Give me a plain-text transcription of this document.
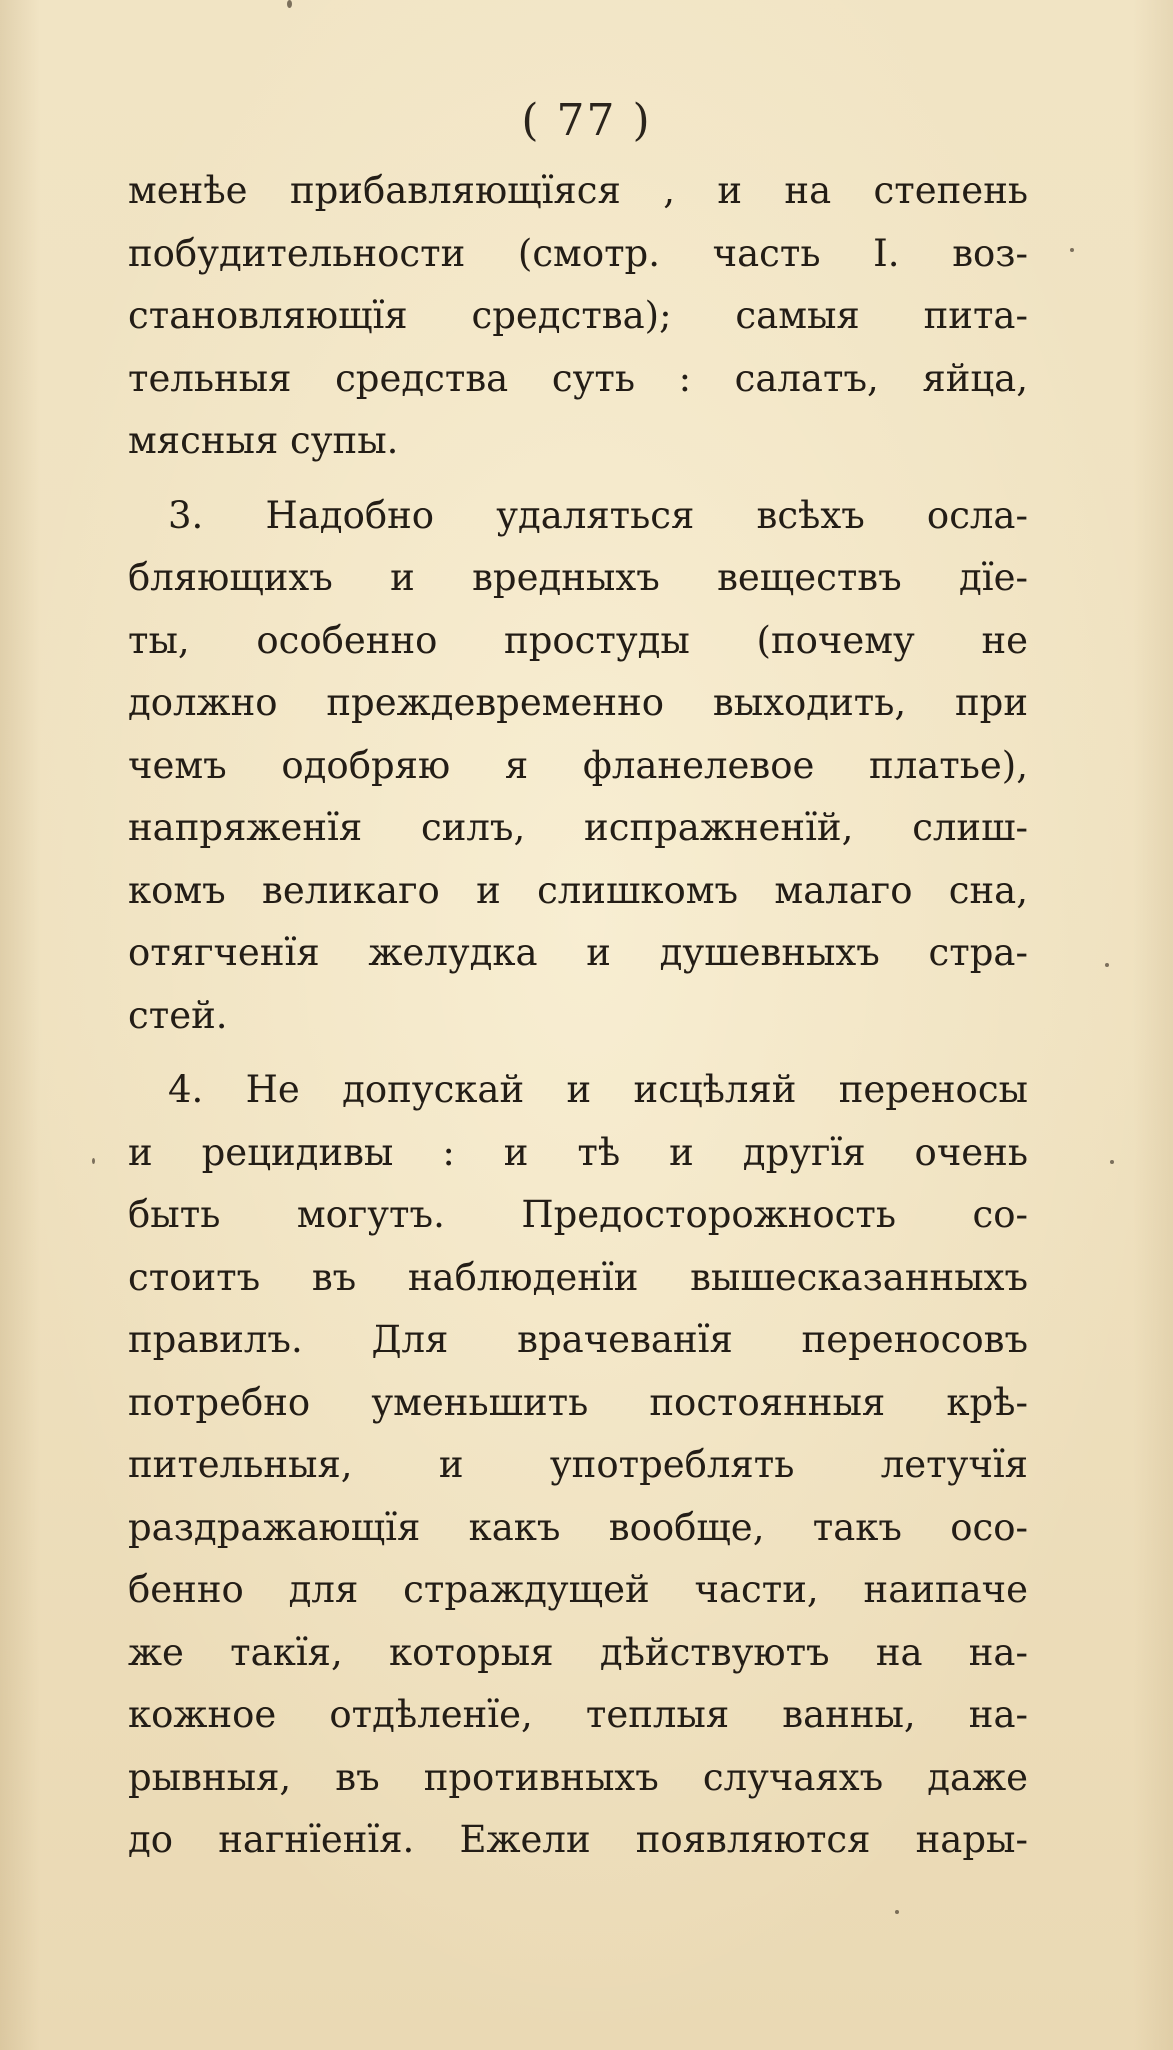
( 77 )
менѣе прибавляющїяся , и на степень
побудительности (смотр. часть I. воз-
становляющїя средства); самыя пита-
тельныя средства суть : салатъ, яйца,
мясныя супы.
3. Надобно удаляться всѣхъ осла-
бляющихъ и вредныхъ веществъ дїе-
ты, особенно простуды (почему не
должно преждевременно выходить, при
чемъ одобряю я фланелевое платье),
напряженїя силъ, испражненїй, слиш-
комъ великаго и слишкомъ малаго сна,
отягченїя желудка и душевныхъ стра-
стей.
4. Не допускай и исцѣляй переносы
и рецидивы : и тѣ и другїя очень
быть могутъ. Предосторожность со-
стоитъ въ наблюденїи вышесказанныхъ
правилъ. Для врачеванїя переносовъ
потребно уменьшить постоянныя крѣ-
пительныя, и употреблять летучїя
раздражающїя какъ вообще, такъ осо-
бенно для страждущей части, наипаче
же такїя, которыя дѣйствуютъ на на-
кожное отдѣленїе, теплыя ванны, на-
рывныя, въ противныхъ случаяхъ даже
до нагнїенїя. Ежели появляются нары-
